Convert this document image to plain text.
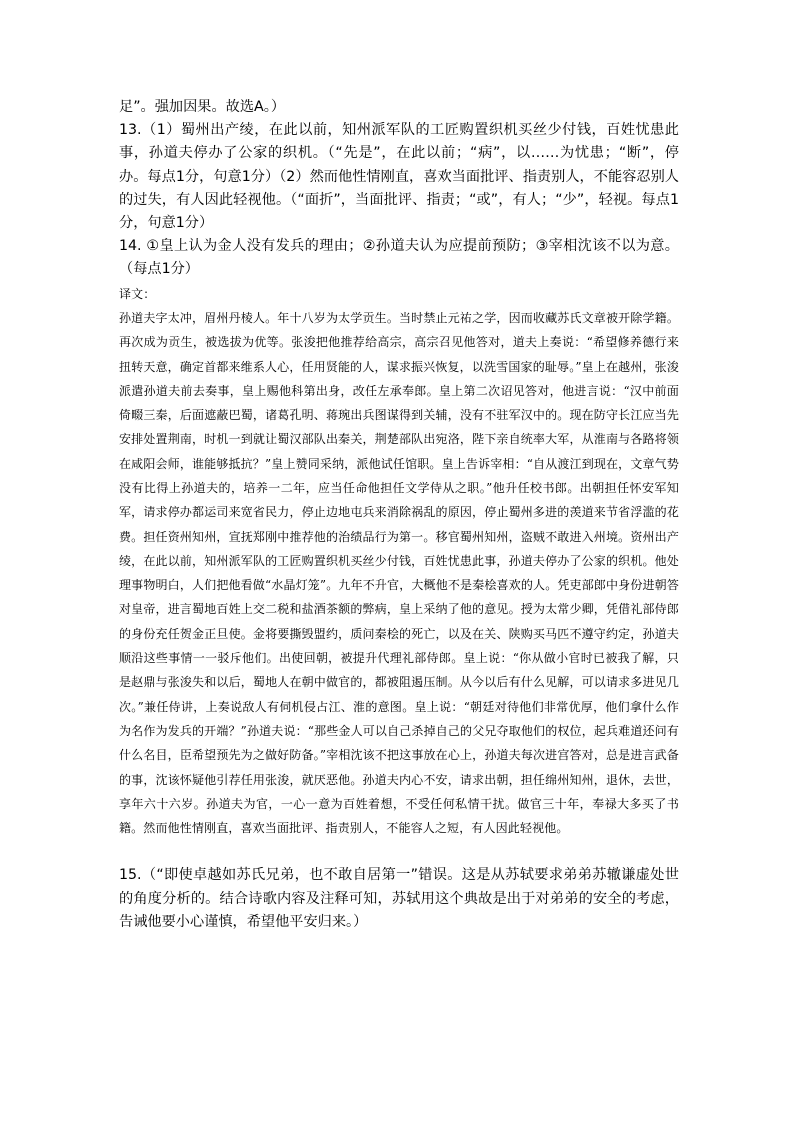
足”。强加因果。故选A。）

13.（1）蜀州出产绫，在此以前，知州派军队的工匠购置织机买丝少付钱，百姓忧患此事，孙道夫停办了公家的织机。（“先是”，在此以前；“病”，以……为忧患；“断”，停办。每点1分，句意1分）（2）然而他性情刚直，喜欢当面批评、指责别人，不能容忍别人的过失，有人因此轻视他。（“面折”，当面批评、指责；“或”，有人；“少”，轻视。每点1分，句意1分）

14. ①皇上认为金人没有发兵的理由；②孙道夫认为应提前预防；③宰相沈该不以为意。（每点1分）

译文：

孙道夫字太冲，眉州丹棱人。年十八岁为太学贡生。当时禁止元祐之学，因而收藏苏氏文章被开除学籍。再次成为贡生，被选拔为优等。张浚把他推荐给高宗，高宗召见他答对，道夫上奏说：“希望修养德行来扭转天意，确定首都来维系人心，任用贤能的人，谋求振兴恢复，以洗雪国家的耻辱。”皇上在越州，张浚派遣孙道夫前去奏事，皇上赐他科第出身，改任左承奉郎。皇上第二次诏见答对，他进言说：“汉中前面倚畷三秦，后面遮蔽巴蜀，诸葛孔明、蒋琬出兵图谋得到关辅，没有不驻军汉中的。现在防守长江应当先安排处置荆南，时机一到就让蜀汉部队出秦关，荆楚部队出宛洛，陛下亲自统率大军，从淮南与各路将领在咸阳会师，谁能够抵抗？”皇上赞同采纳，派他试任馆职。皇上告诉宰相：“自从渡江到现在，文章气势没有比得上孙道夫的，培养一二年，应当任命他担任文学侍从之职。”他升任校书郎。出朝担任怀安军知军，请求停办都运司来宽省民力，停止边地屯兵来消除祸乱的原因，停止蜀州多进的羡道来节省浮滥的花费。担任资州知州，宣抚郑刚中推荐他的治绩品行为第一。移官蜀州知州，盗贼不敢进入州境。资州出产绫，在此以前，知州派军队的工匠购置织机买丝少付钱，百姓忧患此事，孙道夫停办了公家的织机。他处理事物明白，人们把他看做“水晶灯笼”。九年不升官，大概他不是秦桧喜欢的人。凭吏部郎中身份进朝答对皇帝，进言蜀地百姓上交二税和盐酒茶额的弊病，皇上采纳了他的意见。授为太常少卿，凭借礼部侍郎的身份充任贺金正旦使。金将要撕毁盟约，质问秦桧的死亡，以及在关、陕购买马匹不遵守约定，孙道夫顺沿这些事情一一驳斥他们。出使回朝，被提升代理礼部侍郎。皇上说：“你从做小官时已被我了解，只是赵鼎与张浚失和以后，蜀地人在朝中做官的，都被阻遏压制。从今以后有什么见解，可以请求多进见几次。”兼任侍讲，上奏说敌人有伺机侵占江、淮的意图。皇上说：“朝廷对待他们非常优厚，他们拿什么作为名作为发兵的开端？”孙道夫说：“那些金人可以自己杀掉自己的父兄夺取他们的权位，起兵难道还问有什么名目，臣希望预先为之做好防备。”宰相沈该不把这事放在心上，孙道夫每次进宫答对，总是进言武备的事，沈该怀疑他引荐任用张浚，就厌恶他。孙道夫内心不安，请求出朝，担任绵州知州，退休，去世，享年六十六岁。孙道夫为官，一心一意为百姓着想，不受任何私情干扰。做官三十年，奉禄大多买了书籍。然而他性情刚直，喜欢当面批评、指责别人，不能容人之短，有人因此轻视他。

15.（“即使卓越如苏氏兄弟，也不敢自居第一”错误。这是从苏轼要求弟弟苏辙谦虚处世的角度分析的。结合诗歌内容及注释可知，苏轼用这个典故是出于对弟弟的安全的考虑，告诫他要小心谨慎，希望他平安归来。）
